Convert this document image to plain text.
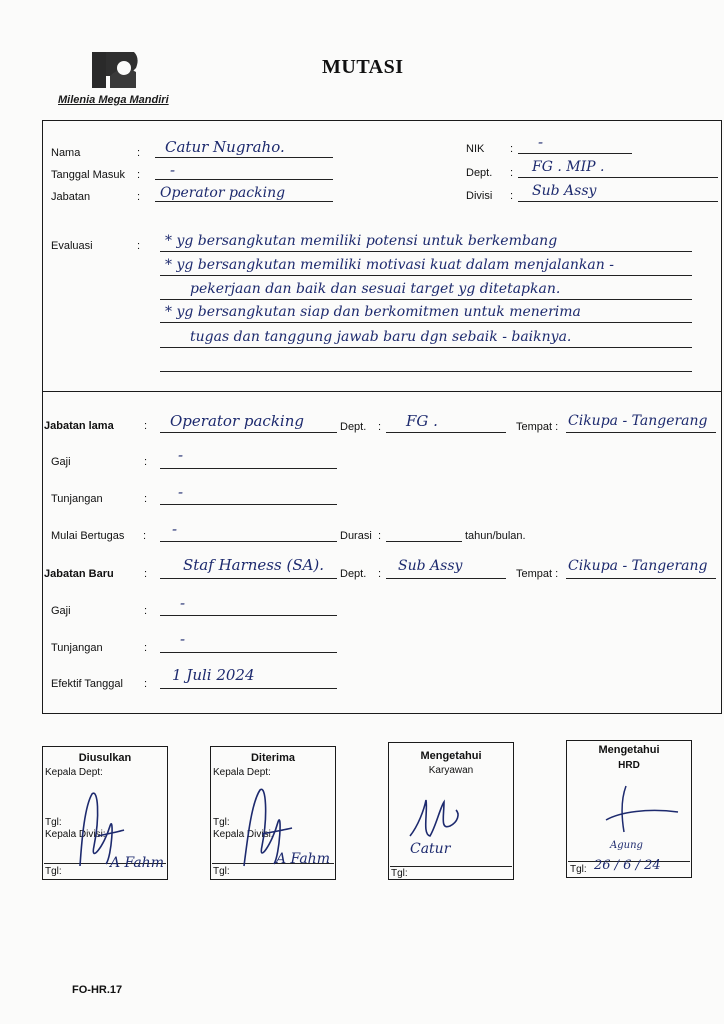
Milenia Mega Mandiri
MUTASI
Nama	: Catur Nugraho.
Tanggal Masuk : -
Jabatan	: Operator packing
NIK : -
Dept. : FG . MIP .
Divisi : Sub Assy
Evaluasi	: * yg bersangkutan memiliki potensi untuk berkembang
* yg bersangkutan memiliki motivasi kuat dalam menjalankan -
pekerjaan dan baik dan sesuai target yg ditetapkan.
* yg bersangkutan siap dan berkomitmen untuk menerima
tugas dan tanggung jawab baru dgn sebaik - baiknya.
Jabatan lama	: Operator packing	Dept. : FG .	Tempat : Cikupa - Tangerang
Gaji	: -
Tunjangan	: -
Mulai Bertugas : -	Durasi :	tahun/bulan.
Jabatan Baru	: Staf Harness (SA). Dept. : Sub Assy	Tempat : Cikupa - Tangerang
Gaji	: -
Tunjangan	: -
Efektif Tanggal : 1 Juli 2024
Diusulkan
Kepala Dept:
Tgl:
Kepala Divisi:
Tgl:
A Fahm
Diterima
Kepala Dept:
Tgl:
Kepala Divisi:
Tgl:
A Fahm
Mengetahui
Karyawan
Catur
Tgl:
Mengetahui
HRD
Agung
Tgl: 26 / 6 / 24
FO-HR.17
